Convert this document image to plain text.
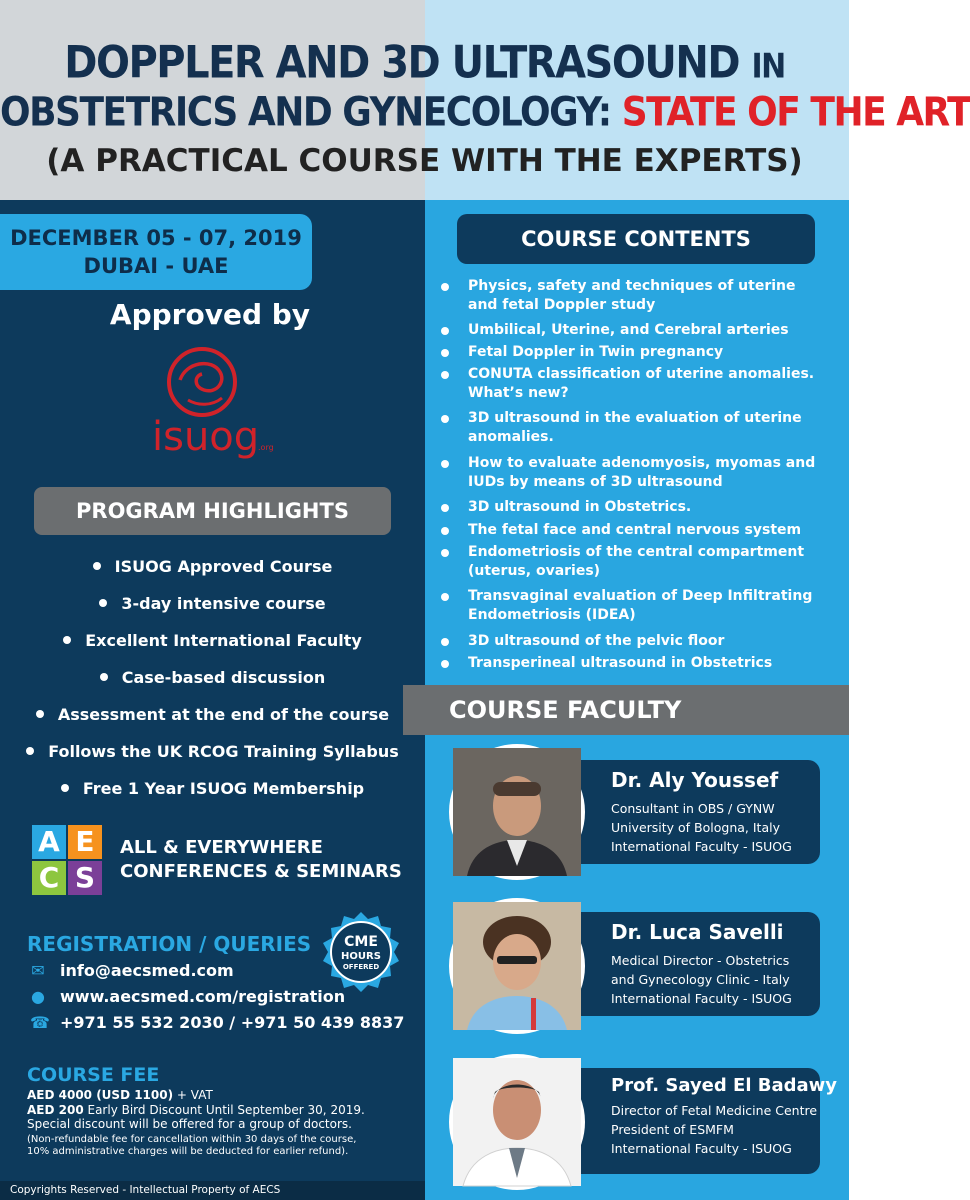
DOPPLER AND 3D ULTRASOUND IN
OBSTETRICS AND GYNECOLOGY: STATE OF THE ART
(A PRACTICAL COURSE WITH THE EXPERTS)
DECEMBER 05 - 07, 2019
DUBAI - UAE
Approved by
isuog
.org
PROGRAM HIGHLIGHTS
ISUOG Approved Course
3-day intensive course
Excellent International Faculty
Case-based discussion
Assessment at the end of the course
Follows the UK RCOG Training Syllabus
Free 1 Year ISUOG Membership
A E
C S
ALL & EVERYWHERE
CONFERENCES & SEMINARS
REGISTRATION / QUERIES
✉ info@aecsmed.com
● www.aecsmed.com/registration
☎ +971 55 532 2030 / +971 50 439 8837
CME
HOURS
OFFERED
COURSE FEE
AED 4000 (USD 1100) + VAT
AED 200 Early Bird Discount Until September 30, 2019.
Special discount will be offered for a group of doctors.
(Non-refundable fee for cancellation within 30 days of the course,
10% administrative charges will be deducted for earlier refund).
Copyrights Reserved - Intellectual Property of AECS
COURSE CONTENTS
Physics, safety and techniques of uterine
and fetal Doppler study
Umbilical, Uterine, and Cerebral arteries
Fetal Doppler in Twin pregnancy
CONUTA classification of uterine anomalies.
What’s new?
3D ultrasound in the evaluation of uterine
anomalies.
How to evaluate adenomyosis, myomas and
IUDs by means of 3D ultrasound
3D ultrasound in Obstetrics.
The fetal face and central nervous system
Endometriosis of the central compartment
(uterus, ovaries)
Transvaginal evaluation of Deep Infiltrating
Endometriosis (IDEA)
3D ultrasound of the pelvic floor
Transperineal ultrasound in Obstetrics
COURSE FACULTY
Dr. Aly Youssef
Consultant in OBS / GYNW
University of Bologna, Italy
International Faculty - ISUOG
Dr. Luca Savelli
Medical Director - Obstetrics
and Gynecology Clinic - Italy
International Faculty - ISUOG
Prof. Sayed El Badawy
Director of Fetal Medicine Centre
President of ESMFM
International Faculty - ISUOG
